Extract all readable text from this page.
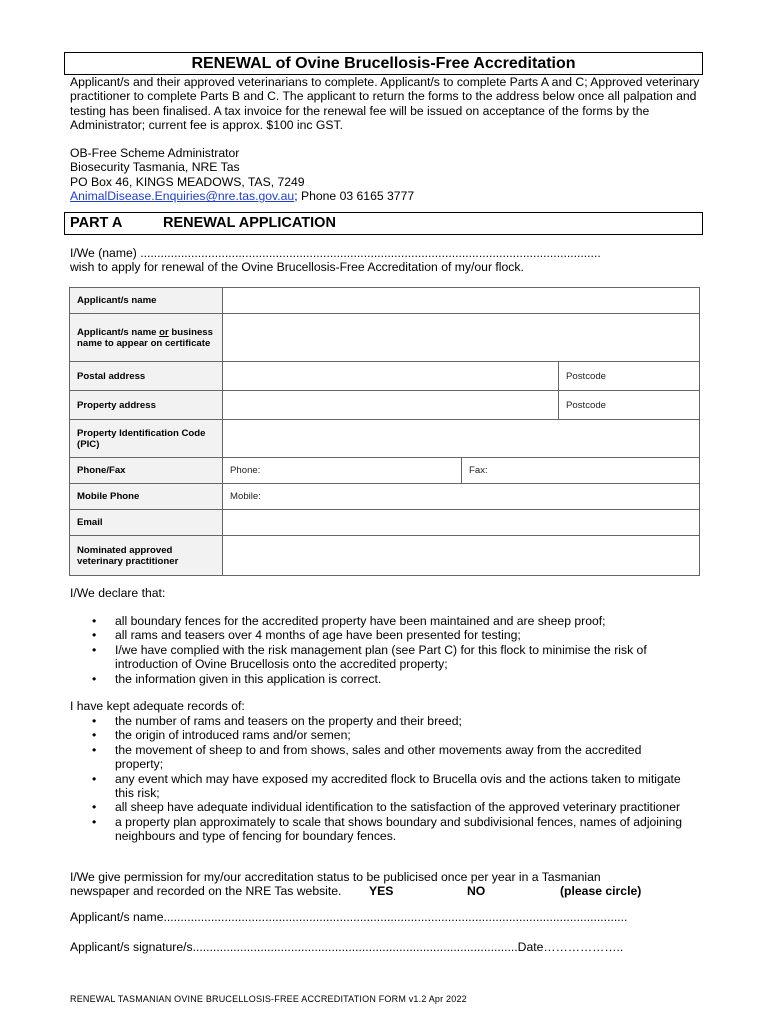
RENEWAL of Ovine Brucellosis-Free Accreditation
Applicant/s and their approved veterinarians to complete. Applicant/s to complete Parts A and C; Approved veterinary practitioner to complete Parts B and C. The applicant to return the forms to the address below once all palpation and testing has been finalised. A tax invoice for the renewal fee will be issued on acceptance of the forms by the Administrator; current fee is approx. $100 inc GST.
OB-Free Scheme Administrator
Biosecurity Tasmania, NRE Tas
PO Box 46, KINGS MEADOWS, TAS, 7249
AnimalDisease.Enquiries@nre.tas.gov.au; Phone 03 6165 3777
PART A	RENEWAL APPLICATION
I/We (name) ........................................................................................................................................
wish to apply for renewal of the Ovine Brucellosis-Free Accreditation of my/our flock.
Applicant/s name			
Applicant/s name or business name to appear on certificate			
Postal address			Postcode
Property address			Postcode
Property Identification Code (PIC)			
Phone/Fax	Phone:	Fax:	
Mobile Phone	Mobile:		
Email			
Nominated approved veterinary practitioner			
I/We declare that:
• all boundary fences for the accredited property have been maintained and are sheep proof;
• all rams and teasers over 4 months of age have been presented for testing;
• I/we have complied with the risk management plan (see Part C) for this flock to minimise the risk of introduction of Ovine Brucellosis onto the accredited property;
• the information given in this application is correct.
I have kept adequate records of:
• the number of rams and teasers on the property and their breed;
• the origin of introduced rams and/or semen;
• the movement of sheep to and from shows, sales and other movements away from the accredited property;
• any event which may have exposed my accredited flock to Brucella ovis and the actions taken to mitigate this risk;
• all sheep have adequate individual identification to the satisfaction of the approved veterinary practitioner
• a property plan approximately to scale that shows boundary and subdivisional fences, names of adjoining neighbours and type of fencing for boundary fences.
I/We give permission for my/our accreditation status to be publicised once per year in a Tasmanian
newspaper and recorded on the NRE Tas website. YES	NO	(please circle)
Applicant/s name.........................................................................................................................................
Applicant/s signature/s................................................................................................Date………………..
RENEWAL TASMANIAN OVINE BRUCELLOSIS-FREE ACCREDITATION FORM v1.2 Apr 2022
